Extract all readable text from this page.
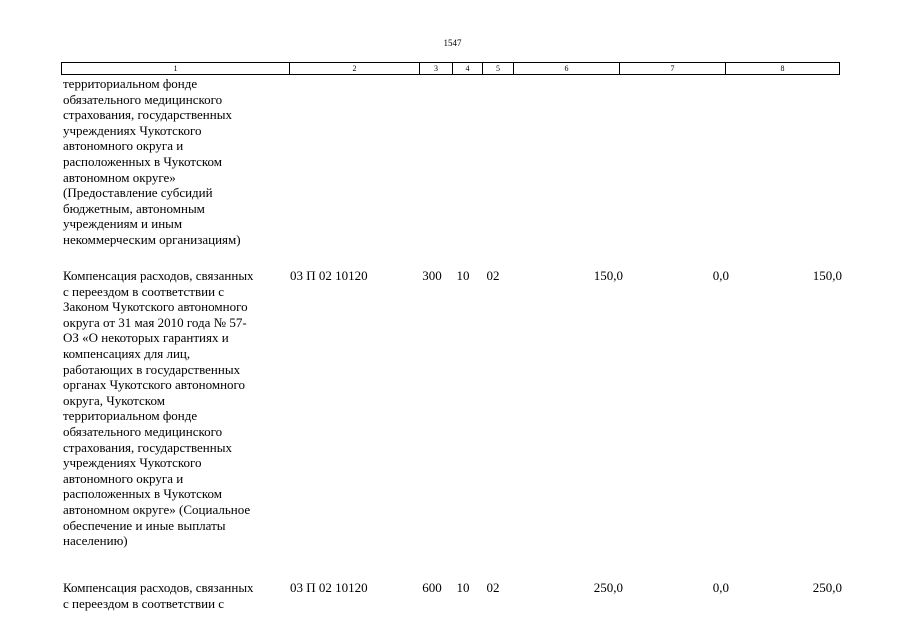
1547
1	2	3	4	5	6	7	8
территориальном фонде
обязательного медицинского
страхования, государственных
учреждениях Чукотского
автономного округа и
расположенных в Чукотском
автономном округе»
(Предоставление субсидий
бюджетным, автономным
учреждениям и иным
некоммерческим организациям)
Компенсация расходов, связанных
с переездом в соответствии с
Законом Чукотского автономного
округа от 31 мая 2010 года № 57-
ОЗ «О некоторых гарантиях и
компенсациях для лиц,
работающих в государственных
органах Чукотского автономного
округа, Чукотском
территориальном фонде
обязательного медицинского
страхования, государственных
учреждениях Чукотского
автономного округа и
расположенных в Чукотском
автономном округе» (Социальное
обеспечение и иные выплаты
населению)
03 П 02 10120	300	10	02	150,0	0,0	150,0
Компенсация расходов, связанных
с переездом в соответствии с
03 П 02 10120	600	10	02	250,0	0,0	250,0
